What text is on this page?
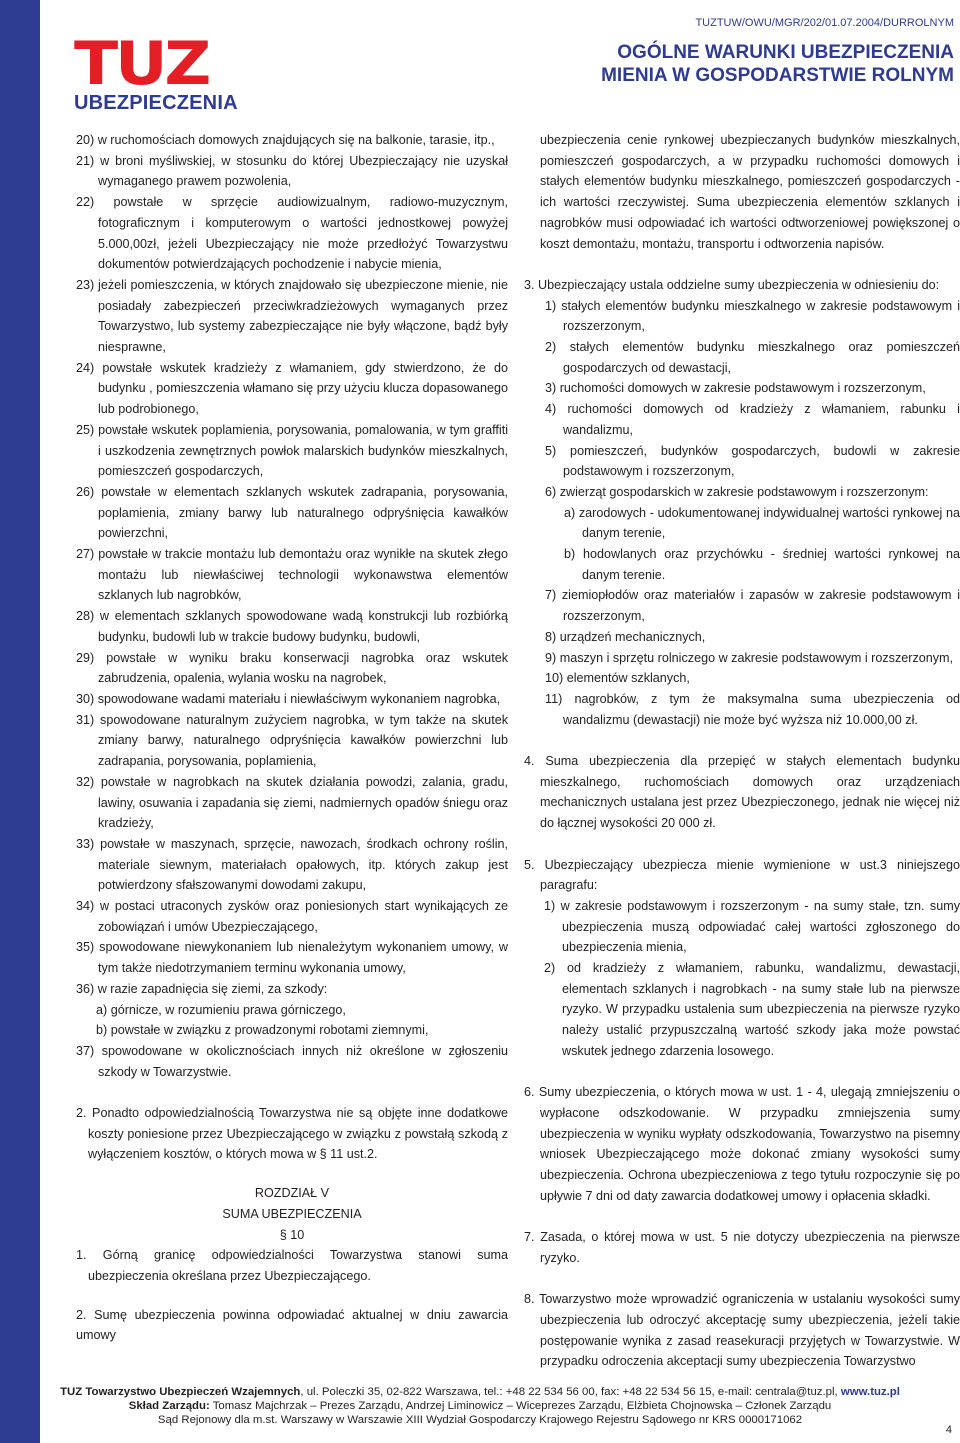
TUZ
UBEZPIECZENIA
TUZTUW/OWU/MGR/202/01.07.2004/DURROLNYM
OGÓLNE WARUNKI UBEZPIECZENIA
MIENIA W GOSPODARSTWIE ROLNYM

20) w ruchomościach domowych znajdujących się na balkonie, tarasie, itp.,

21) w broni myśliwskiej, w stosunku do której Ubezpieczający nie uzyskał wymaganego prawem pozwolenia,

22) powstałe w sprzęcie audiowizualnym, radiowo-muzycznym, fotograficznym i komputerowym o wartości jednostkowej powyżej 5.000,00zł, jeżeli Ubezpieczający nie może przedłożyć Towarzystwu dokumentów potwierdzających pochodzenie i nabycie mienia,

23) jeżeli pomieszczenia, w których znajdowało się ubezpieczone mienie, nie posiadały zabezpieczeń przeciwkradzieżowych wymaganych przez Towarzystwo, lub systemy zabezpieczające nie były włączone, bądź były niesprawne,

24) powstałe wskutek kradzieży z włamaniem, gdy stwierdzono, że do budynku , pomieszczenia włamano się przy użyciu klucza dopasowanego lub podrobionego,

25) powstałe wskutek poplamienia, porysowania, pomalowania, w tym graffiti i uszkodzenia zewnętrznych powłok malarskich budynków mieszkalnych, pomieszczeń gospodarczych,

26) powstałe w elementach szklanych wskutek zadrapania, porysowania, poplamienia, zmiany barwy lub naturalnego odpryśnięcia kawałków powierzchni,

27) powstałe w trakcie montażu lub demontażu oraz wynikłe na skutek złego montażu lub niewłaściwej technologii wykonawstwa elementów szklanych lub nagrobków,

28) w elementach szklanych spowodowane wadą konstrukcji lub rozbiórką budynku, budowli lub w trakcie budowy budynku, budowli,

29) powstałe w wyniku braku konserwacji nagrobka oraz wskutek zabrudzenia, opalenia, wylania wosku na nagrobek,

30) spowodowane wadami materiału i niewłaściwym wykonaniem nagrobka,

31) spowodowane naturalnym zużyciem nagrobka, w tym także na skutek zmiany barwy, naturalnego odpryśnięcia kawałków powierzchni lub zadrapania, porysowania, poplamienia,

32) powstałe w nagrobkach na skutek działania powodzi, zalania, gradu, lawiny, osuwania i zapadania się ziemi, nadmiernych opadów śniegu oraz kradzieży,

33) powstałe w maszynach, sprzęcie, nawozach, środkach ochrony roślin, materiale siewnym, materiałach opałowych, itp. których zakup jest potwierdzony sfałszowanymi dowodami zakupu,

34) w postaci utraconych zysków oraz poniesionych start wynikających ze zobowiązań i umów Ubezpieczającego,

35) spowodowane niewykonaniem lub nienależytym wykonaniem umowy, w tym także niedotrzymaniem terminu wykonania umowy,

36) w razie zapadnięcia się ziemi, za szkody:

a) górnicze, w rozumieniu prawa górniczego,

b) powstałe w związku z prowadzonymi robotami ziemnymi,

37) spowodowane w okolicznościach innych niż określone w zgłoszeniu szkody w Towarzystwie.

2. Ponadto odpowiedzialnością Towarzystwa nie są objęte inne dodatkowe koszty poniesione przez Ubezpieczającego w związku z powstałą szkodą z wyłączeniem kosztów, o których mowa w § 11 ust.2.

ROZDZIAŁ V

SUMA UBEZPIECZENIA

§ 10

1. Górną granicę odpowiedzialności Towarzystwa stanowi suma ubezpieczenia określana przez Ubezpieczającego.

2. Sumę ubezpieczenia powinna odpowiadać aktualnej w dniu zawarcia umowy

ubezpieczenia cenie rynkowej ubezpieczanych budynków mieszkalnych, pomieszczeń gospodarczych, a w przypadku ruchomości domowych i stałych elementów budynku mieszkalnego, pomieszczeń gospodarczych - ich wartości rzeczywistej. Suma ubezpieczenia elementów szklanych i nagrobków musi odpowiadać ich wartości odtworzeniowej powiększonej o koszt demontażu, montażu, transportu i odtworzenia napisów.

3. Ubezpieczający ustala oddzielne sumy ubezpieczenia w odniesieniu do:

1) stałych elementów budynku mieszkalnego w zakresie podstawowym i rozszerzonym,

2) stałych elementów budynku mieszkalnego oraz pomieszczeń gospodarczych od dewastacji,

3) ruchomości domowych w zakresie podstawowym i rozszerzonym,

4) ruchomości domowych od kradzieży z włamaniem, rabunku i wandalizmu,

5) pomieszczeń, budynków gospodarczych, budowli w zakresie podstawowym i rozszerzonym,

6) zwierząt gospodarskich w zakresie podstawowym i rozszerzonym:

a) zarodowych - udokumentowanej indywidualnej wartości rynkowej na danym terenie,

b) hodowlanych oraz przychówku - średniej wartości rynkowej na danym terenie.

7) ziemiopłodów oraz materiałów i zapasów w zakresie podstawowym i rozszerzonym,

8) urządzeń mechanicznych,

9) maszyn i sprzętu rolniczego w zakresie podstawowym i rozszerzonym,

10) elementów szklanych,

11) nagrobków, z tym że maksymalna suma ubezpieczenia od wandalizmu (dewastacji) nie może być wyższa niż 10.000,00 zł.

4. Suma ubezpieczenia dla przepięć w stałych elementach budynku mieszkalnego, ruchomościach domowych oraz urządzeniach mechanicznych ustalana jest przez Ubezpieczonego, jednak nie więcej niż do łącznej wysokości 20 000 zł.

5. Ubezpieczający ubezpiecza mienie wymienione w ust.3 niniejszego paragrafu:

1) w zakresie podstawowym i rozszerzonym - na sumy stałe, tzn. sumy ubezpieczenia muszą odpowiadać całej wartości zgłoszonego do ubezpieczenia mienia,

2) od kradzieży z włamaniem, rabunku, wandalizmu, dewastacji, elementach szklanych i nagrobkach - na sumy stałe lub na pierwsze ryzyko. W przypadku ustalenia sum ubezpieczenia na pierwsze ryzyko należy ustalić przypuszczalną wartość szkody jaka może powstać wskutek jednego zdarzenia losowego.

6. Sumy ubezpieczenia, o których mowa w ust. 1 - 4, ulegają zmniejszeniu o wypłacone odszkodowanie. W przypadku zmniejszenia sumy ubezpieczenia w wyniku wypłaty odszkodowania, Towarzystwo na pisemny wniosek Ubezpieczającego może dokonać zmiany wysokości sumy ubezpieczenia. Ochrona ubezpieczeniowa z tego tytułu rozpoczynie się po upływie 7 dni od daty zawarcia dodatkowej umowy i opłacenia składki.

7. Zasada, o której mowa w ust. 5 nie dotyczy ubezpieczenia na pierwsze ryzyko.

8. Towarzystwo może wprowadzić ograniczenia w ustalaniu wysokości sumy ubezpieczenia lub odroczyć akceptację sumy ubezpieczenia, jeżeli takie postępowanie wynika z zasad reasekuracji przyjętych w Towarzystwie. W przypadku odroczenia akceptacji sumy ubezpieczenia Towarzystwo

TUZ Towarzystwo Ubezpieczeń Wzajemnych, ul. Poleczki 35, 02-822 Warszawa, tel.: +48 22 534 56 00, fax: +48 22 534 56 15, e-mail: centrala@tuz.pl, www.tuz.pl
Skład Zarządu: Tomasz Majchrzak – Prezes Zarządu, Andrzej Liminowicz – Wiceprezes Zarządu, Elżbieta Chojnowska – Członek Zarządu
Sąd Rejonowy dla m.st. Warszawy w Warszawie XIII Wydział Gospodarczy Krajowego Rejestru Sądowego nr KRS 0000171062
4
